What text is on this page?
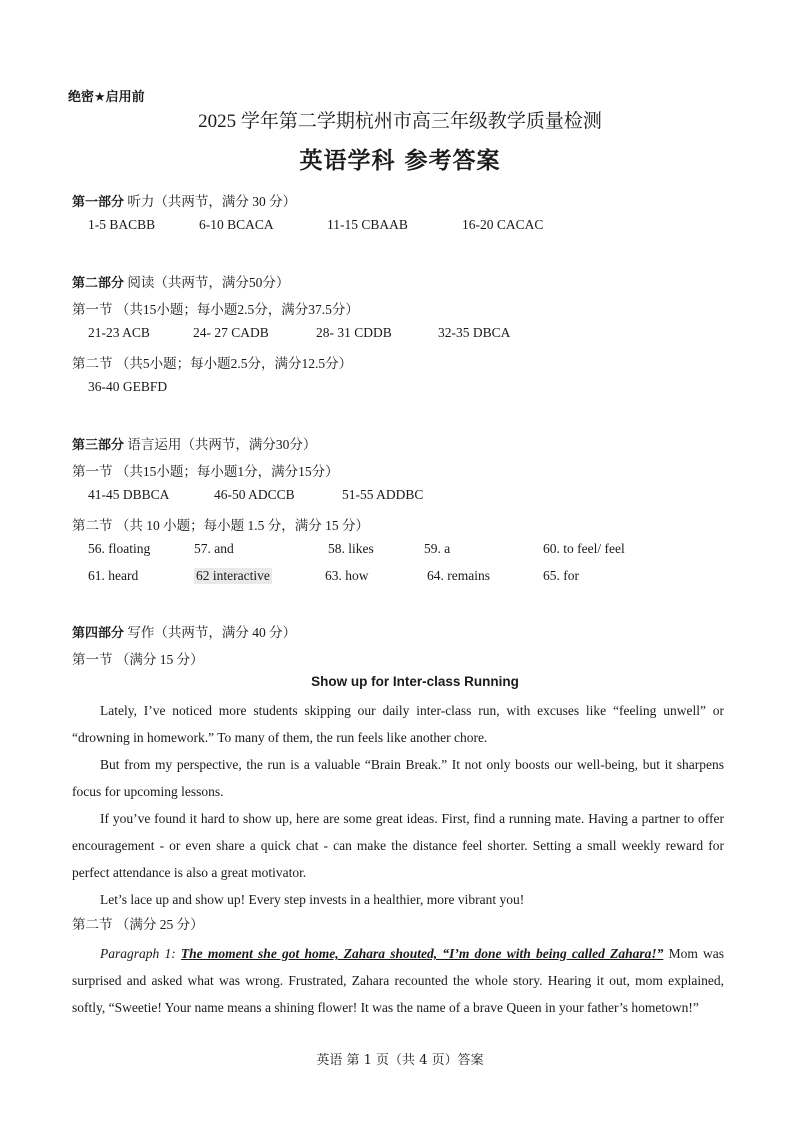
绝密★启用前
2025 学年第二学期杭州市高三年级教学质量检测
英语学科 参考答案
第一部分 听力（共两节，满分 30 分）
1-5 BACBB	6-10 BCACA	11-15 CBAAB	16-20 CACAC
第二部分 阅读（共两节，满分50分）
第一节 （共15小题；每小题2.5分，满分37.5分）
21-23 ACB	24- 27 CADB	28- 31 CDDB	32-35 DBCA
第二节 （共5小题；每小题2.5分，满分12.5分）
36-40 GEBFD
第三部分 语言运用（共两节，满分30分）
第一节 （共15小题；每小题1分，满分15分）
41-45 DBBCA	46-50 ADCCB	51-55 ADDBC
第二节 （共 10 小题；每小题 1.5 分，满分 15 分）
56. floating	57. and	58. likes	59. a	60. to feel/ feel
61. heard	62 interactive	63. how	64. remains	65. for
第四部分 写作（共两节，满分 40 分）
第一节 （满分 15 分）
Show up for Inter-class Running
Lately, I’ve noticed more students skipping our daily inter-class run, with excuses like “feeling unwell” or “drowning in homework.” To many of them, the run feels like another chore.
But from my perspective, the run is a valuable “Brain Break.” It not only boosts our well-being, but it sharpens focus for upcoming lessons.
If you’ve found it hard to show up, here are some great ideas. First, find a running mate. Having a partner to offer encouragement - or even share a quick chat - can make the distance feel shorter. Setting a small weekly reward for perfect attendance is also a great motivator.
Let’s lace up and show up! Every step invests in a healthier, more vibrant you!
第二节 （满分 25 分）
Paragraph 1: The moment she got home, Zahara shouted, “I’m done with being called Zahara!” Mom was surprised and asked what was wrong. Frustrated, Zahara recounted the whole story. Hearing it out, mom explained, softly, “Sweetie! Your name means a shining flower! It was the name of a brave Queen in your father’s hometown!”
英语 第 1 页（共 4 页）答案
